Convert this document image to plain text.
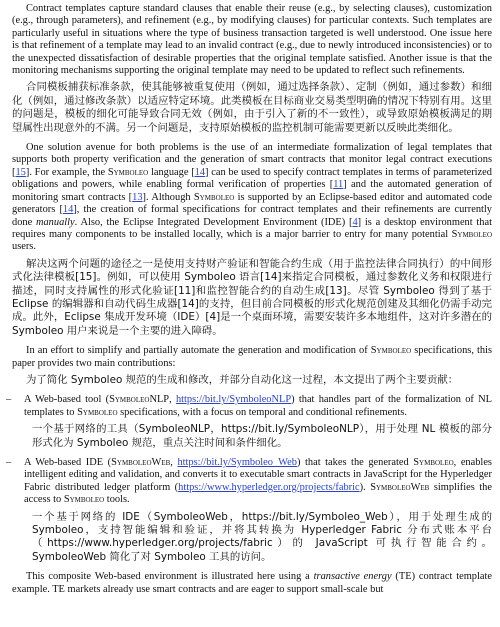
Contract templates capture standard clauses that enable their reuse (e.g., by selecting clauses), customization (e.g., through parameters), and refinement (e.g., by modifying clauses) for particular contexts. Such templates are particularly useful in situations where the type of business transaction targeted is well understood. One issue here is that refinement of a template may lead to an invalid contract (e.g., due to newly introduced inconsistencies) or to the unexpected dissatisfaction of desirable properties that the original template satisfied. Another issue is that the monitoring mechanisms supporting the original template may need to be updated to reflect such refinements.

合同模板捕获标准条款，使其能够被重复使用（例如，通过选择条款）、定制（例如，通过参数）和细化（例如，通过修改条款）以适应特定环境。此类模板在目标商业交易类型明确的情况下特别有用。这里的问题是，模板的细化可能导致合同无效（例如，由于引入了新的不一致性），或导致原始模板满足的期望属性出现意外的不满。另一个问题是，支持原始模板的监控机制可能需要更新以反映此类细化。

One solution avenue for both problems is the use of an intermediate formalization of legal templates that supports both property verification and the generation of smart contracts that monitor legal contract executions [15]. For example, the Symboleo language [14] can be used to specify contract templates in terms of parameterized obligations and powers, while enabling formal verification of properties [11] and the automated generation of monitoring smart contracts [13]. Although Symboleo is supported by an Eclipse-based editor and automated code generators [14], the creation of formal specifications for contract templates and their refinements are currently done manually. Also, the Eclipse Integrated Development Environment (IDE) [4] is a desktop environment that requires many components to be installed locally, which is a major barrier to entry for many potential Symboleo users.

解决这两个问题的途径之一是使用支持财产验证和智能合约生成（用于监控法律合同执行）的中间形式化法律模板[15]。例如，可以使用 Symboleo 语言[14]来指定合同模板，通过参数化义务和权限进行描述，同时支持属性的形式化验证[11]和监控智能合约的自动生成[13]。尽管 Symboleo 得到了基于 Eclipse 的编辑器和自动代码生成器[14]的支持，但目前合同模板的形式化规范创建及其细化仍需手动完成。此外，Eclipse 集成开发环境（IDE）[4]是一个桌面环境，需要安装许多本地组件，这对许多潜在的 Symboleo 用户来说是一个主要的进入障碍。

In an effort to simplify and partially automate the generation and modification of Symboleo specifications, this paper provides two main contributions:

为了简化 Symboleo 规范的生成和修改，并部分自动化这一过程，本文提出了两个主要贡献：

– A Web-based tool (SymboleoNLP, https://bit.ly/SymboleoNLP) that handles part of the formalization of NL templates to Symboleo specifications, with a focus on temporal and conditional refinements.

一个基于网络的工具（SymboleoNLP，https://bit.ly/SymboleoNLP），用于处理 NL 模板的部分形式化为 Symboleo 规范，重点关注时间和条件细化。

– A Web-based IDE (SymboleoWeb, https://bit.ly/Symboleo_Web) that takes the generated Symboleo, enables intelligent editing and validation, and converts it to executable smart contracts in JavaScript for the Hyperledger Fabric distributed ledger platform (https://www.hyperledger.org/projects/fabric). SymboleoWeb simplifies the access to Symboleo tools.

一个基于网络的 IDE（SymboleoWeb，https://bit.ly/Symboleo_Web），用于处理生成的 Symboleo，支持智能编辑和验证，并将其转换为 Hyperledger Fabric 分布式账本平台（https://www.hyperledger.org/projects/fabric）的 JavaScript 可执行智能合约。SymboleoWeb 简化了对 Symboleo 工具的访问。

This composite Web-based environment is illustrated here using a transactive energy (TE) contract template example. TE markets already use smart contracts and are eager to support small-scale but
